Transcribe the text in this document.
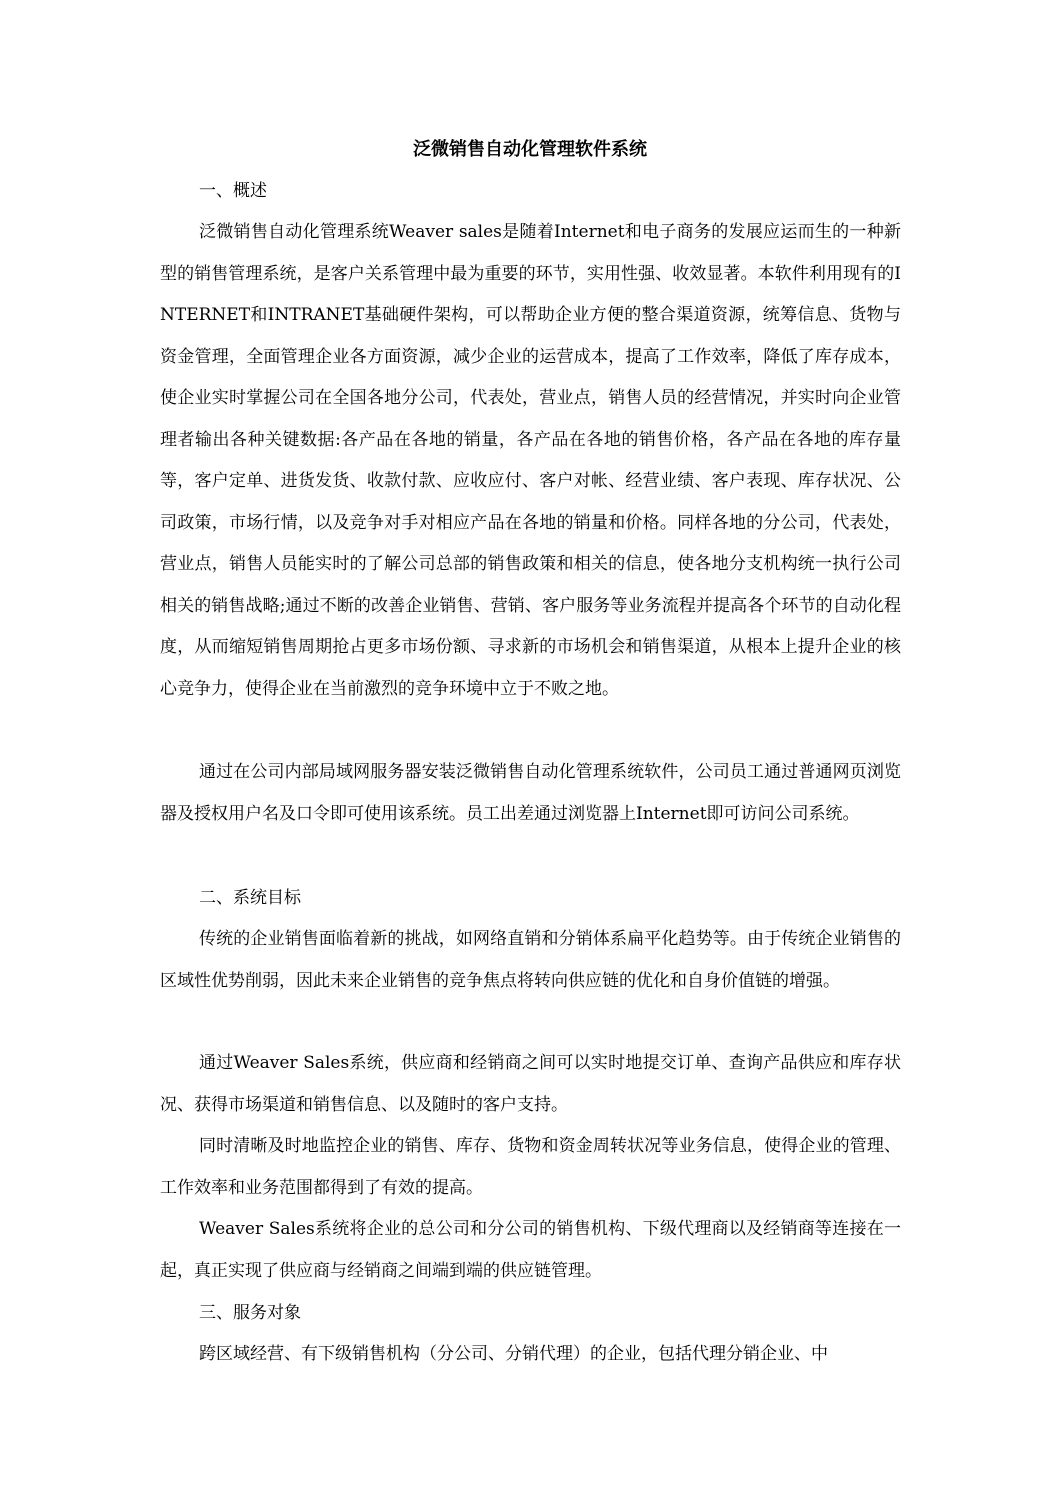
泛微销售自动化管理软件系统
一、概述
泛微销售自动化管理系统Weaver sales是随着Internet和电子商务的发展应运而生的一种新型的销售管理系统，是客户关系管理中最为重要的环节，实用性强、收效显著。本软件利用现有的INTERNET和INTRANET基础硬件架构，可以帮助企业方便的整合渠道资源，统筹信息、货物与资金管理，全面管理企业各方面资源，减少企业的运营成本，提高了工作效率，降低了库存成本，使企业实时掌握公司在全国各地分公司，代表处，营业点，销售人员的经营情况，并实时向企业管理者输出各种关键数据:各产品在各地的销量，各产品在各地的销售价格，各产品在各地的库存量等，客户定单、进货发货、收款付款、应收应付、客户对帐、经营业绩、客户表现、库存状况、公司政策，市场行情，以及竞争对手对相应产品在各地的销量和价格。同样各地的分公司，代表处，营业点，销售人员能实时的了解公司总部的销售政策和相关的信息，使各地分支机构统一执行公司相关的销售战略;通过不断的改善企业销售、营销、客户服务等业务流程并提高各个环节的自动化程度，从而缩短销售周期抢占更多市场份额、寻求新的市场机会和销售渠道，从根本上提升企业的核心竞争力，使得企业在当前激烈的竞争环境中立于不败之地。
通过在公司内部局域网服务器安装泛微销售自动化管理系统软件，公司员工通过普通网页浏览器及授权用户名及口令即可使用该系统。员工出差通过浏览器上Internet即可访问公司系统。
二、系统目标
传统的企业销售面临着新的挑战，如网络直销和分销体系扁平化趋势等。由于传统企业销售的区域性优势削弱，因此未来企业销售的竞争焦点将转向供应链的优化和自身价值链的增强。
通过Weaver Sales系统，供应商和经销商之间可以实时地提交订单、查询产品供应和库存状况、获得市场渠道和销售信息、以及随时的客户支持。
同时清晰及时地监控企业的销售、库存、货物和资金周转状况等业务信息，使得企业的管理、工作效率和业务范围都得到了有效的提高。
Weaver Sales系统将企业的总公司和分公司的销售机构、下级代理商以及经销商等连接在一起，真正实现了供应商与经销商之间端到端的供应链管理。
三、服务对象
跨区域经营、有下级销售机构（分公司、分销代理）的企业，包括代理分销企业、中
